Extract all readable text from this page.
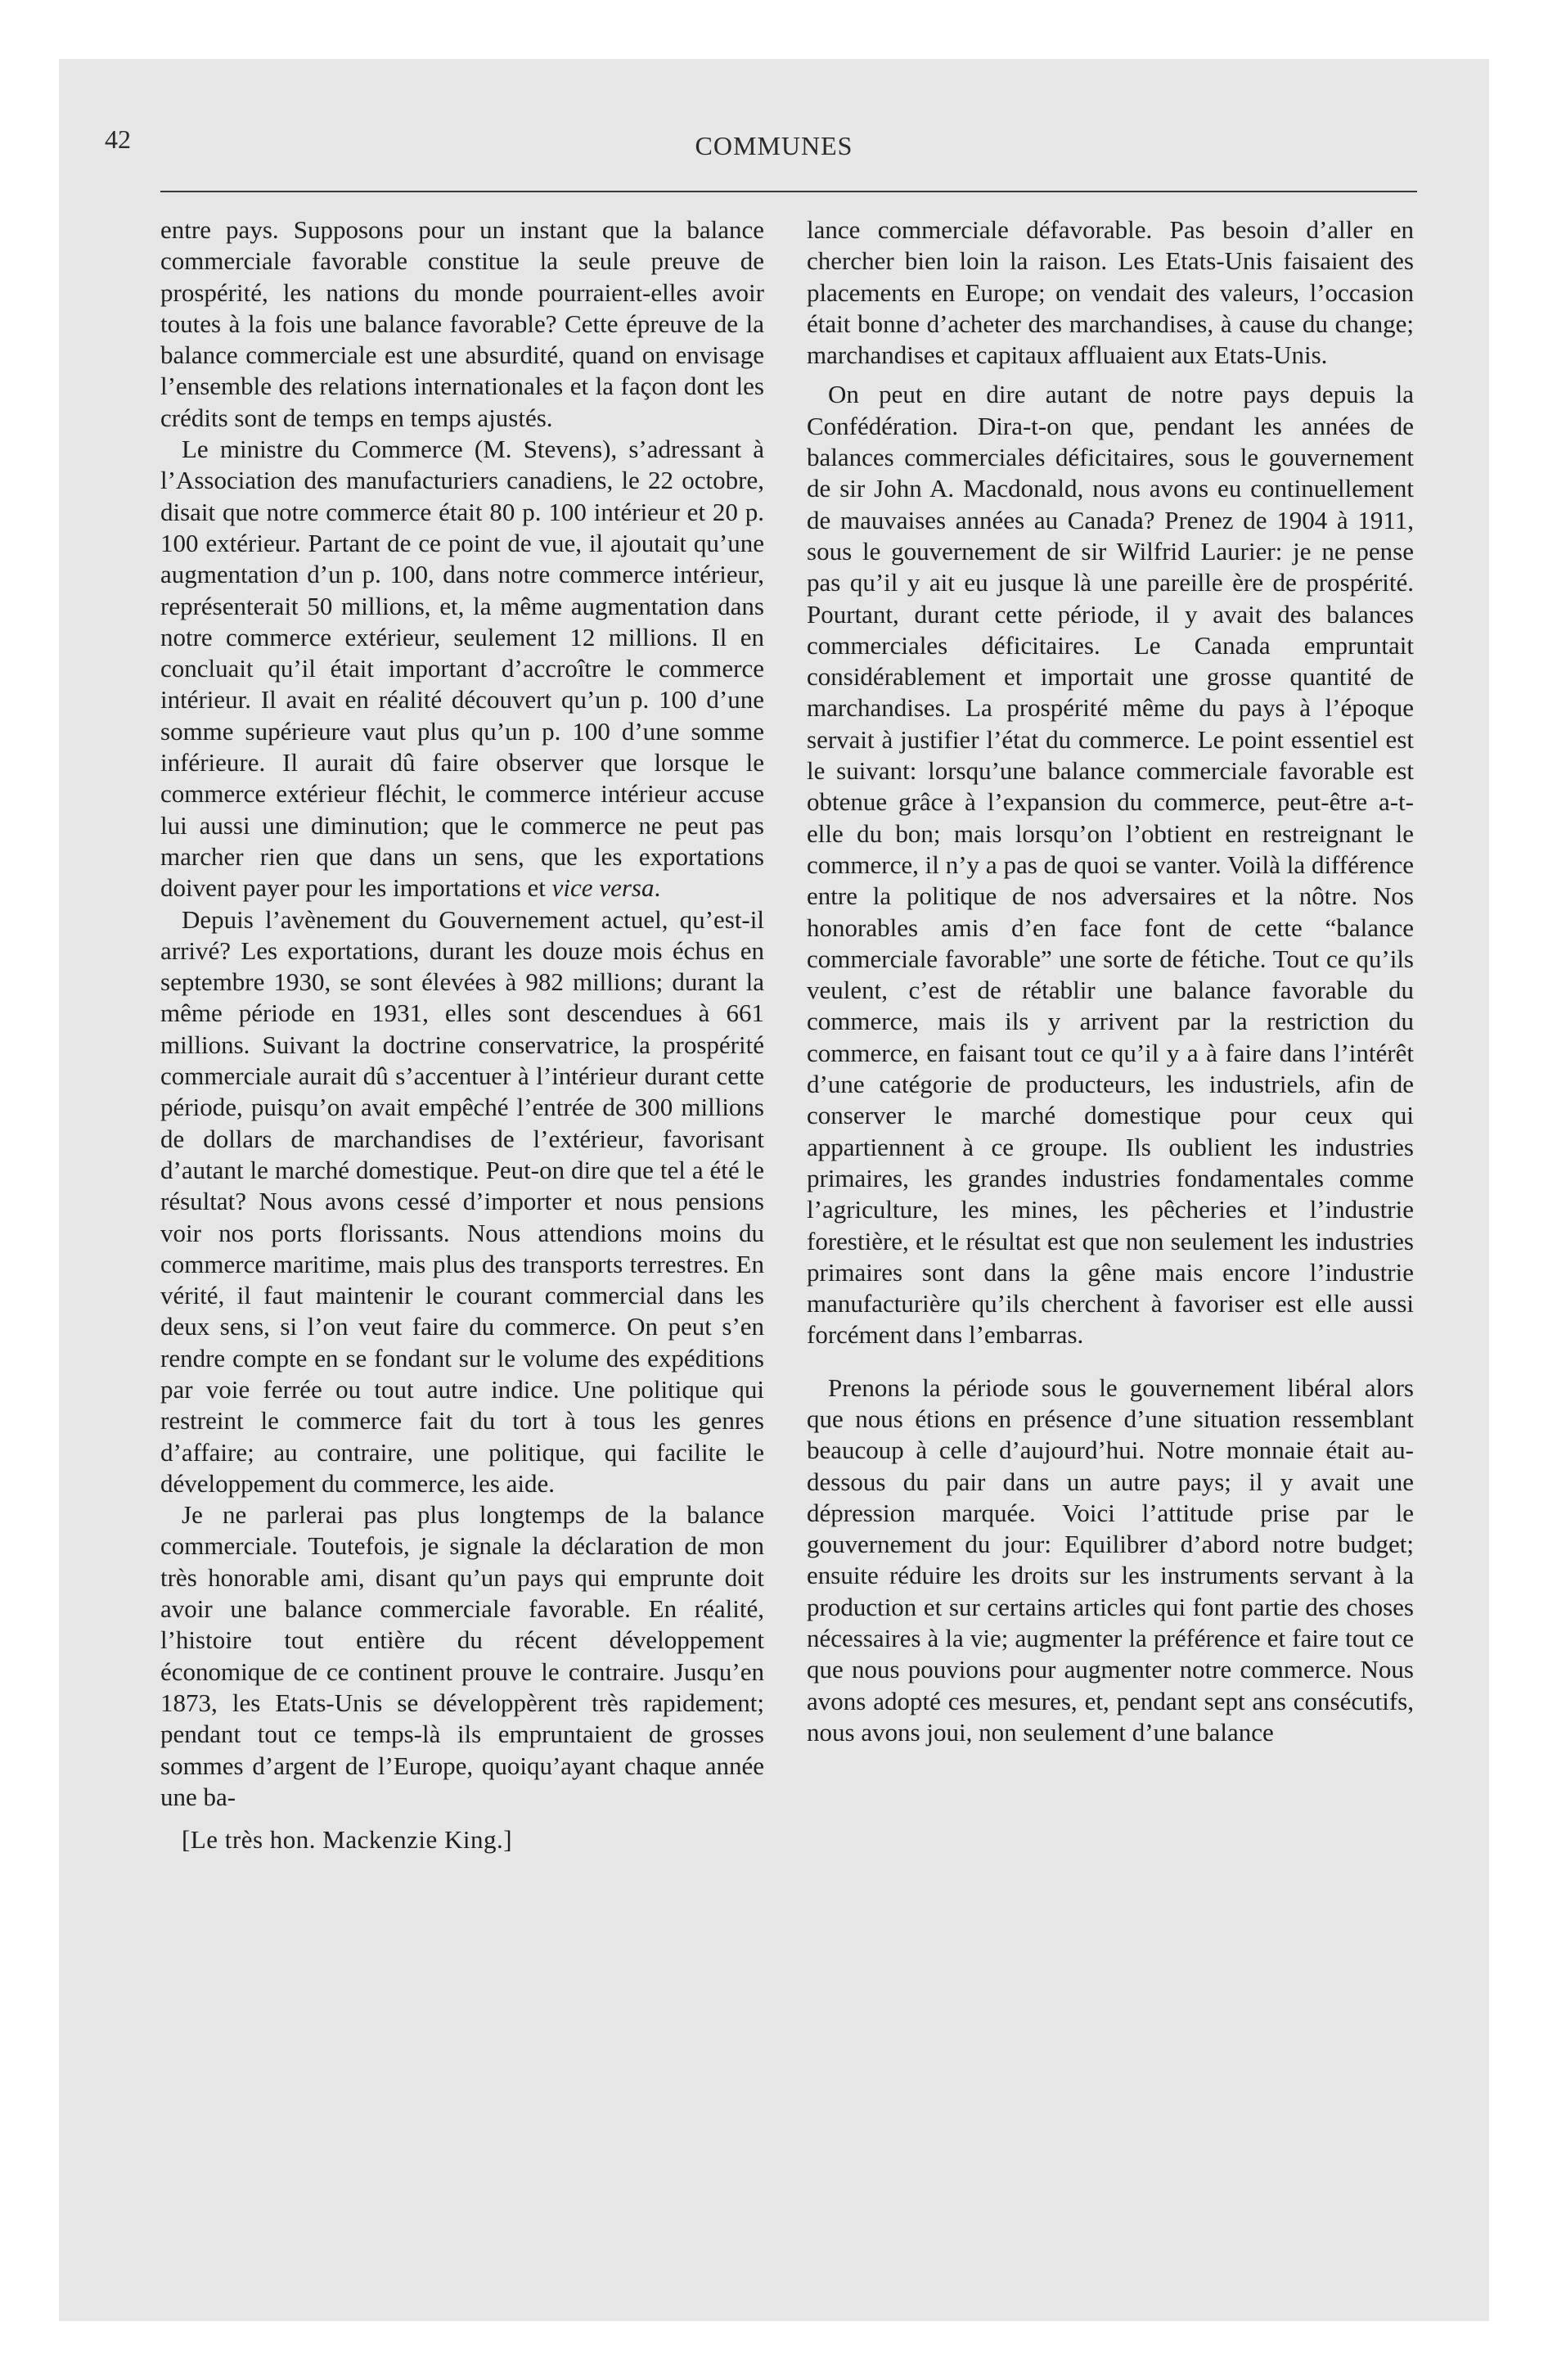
42	COMMUNES

entre pays. Supposons pour un instant que la balance commerciale favorable constitue la seule preuve de prospérité, les nations du monde pourraient-elles avoir toutes à la fois une balance favorable? Cette épreuve de la balance commerciale est une absurdité, quand on envisage l’ensemble des relations internationales et la façon dont les crédits sont de temps en temps ajustés.

Le ministre du Commerce (M. Stevens), s’adressant à l’Association des manufacturiers canadiens, le 22 octobre, disait que notre commerce était 80 p. 100 intérieur et 20 p. 100 extérieur. Partant de ce point de vue, il ajoutait qu’une augmentation d’un p. 100, dans notre commerce intérieur, représenterait 50 millions, et, la même augmentation dans notre commerce extérieur, seulement 12 millions. Il en concluait qu’il était important d’accroître le commerce intérieur. Il avait en réalité découvert qu’un p. 100 d’une somme supérieure vaut plus qu’un p. 100 d’une somme inférieure. Il aurait dû faire observer que lorsque le commerce extérieur fléchit, le commerce intérieur accuse lui aussi une diminution; que le commerce ne peut pas marcher rien que dans un sens, que les exportations doivent payer pour les importations et vice versa.

Depuis l’avènement du Gouvernement actuel, qu’est-il arrivé? Les exportations, durant les douze mois échus en septembre 1930, se sont élevées à 982 millions; durant la même période en 1931, elles sont descendues à 661 millions. Suivant la doctrine conservatrice, la prospérité commerciale aurait dû s’accentuer à l’intérieur durant cette période, puisqu’on avait empêché l’entrée de 300 millions de dollars de marchandises de l’extérieur, favorisant d’autant le marché domestique. Peut-on dire que tel a été le résultat? Nous avons cessé d’importer et nous pensions voir nos ports florissants. Nous attendions moins du commerce maritime, mais plus des transports terrestres. En vérité, il faut maintenir le courant commercial dans les deux sens, si l’on veut faire du commerce. On peut s’en rendre compte en se fondant sur le volume des expéditions par voie ferrée ou tout autre indice. Une politique qui restreint le commerce fait du tort à tous les genres d’affaire; au contraire, une politique, qui facilite le développement du commerce, les aide.

Je ne parlerai pas plus longtemps de la balance commerciale. Toutefois, je signale la déclaration de mon très honorable ami, disant qu’un pays qui emprunte doit avoir une balance commerciale favorable. En réalité, l’histoire tout entière du récent développement économique de ce continent prouve le contraire. Jusqu’en 1873, les Etats-Unis se développèrent très rapidement; pendant tout ce temps-là ils empruntaient de grosses sommes d’argent de l’Europe, quoiqu’ayant chaque année une ba-

[Le très hon. Mackenzie King.]

lance commerciale défavorable. Pas besoin d’aller en chercher bien loin la raison. Les Etats-Unis faisaient des placements en Europe; on vendait des valeurs, l’occasion était bonne d’acheter des marchandises, à cause du change; marchandises et capitaux affluaient aux Etats-Unis.

On peut en dire autant de notre pays depuis la Confédération. Dira-t-on que, pendant les années de balances commerciales déficitaires, sous le gouvernement de sir John A. Macdonald, nous avons eu continuellement de mauvaises années au Canada? Prenez de 1904 à 1911, sous le gouvernement de sir Wilfrid Laurier: je ne pense pas qu’il y ait eu jusque là une pareille ère de prospérité. Pourtant, durant cette période, il y avait des balances commerciales déficitaires. Le Canada empruntait considérablement et importait une grosse quantité de marchandises. La prospérité même du pays à l’époque servait à justifier l’état du commerce. Le point essentiel est le suivant: lorsqu’une balance commerciale favorable est obtenue grâce à l’expansion du commerce, peut-être a-t-elle du bon; mais lorsqu’on l’obtient en restreignant le commerce, il n’y a pas de quoi se vanter. Voilà la différence entre la politique de nos adversaires et la nôtre. Nos honorables amis d’en face font de cette “balance commerciale favorable” une sorte de fétiche. Tout ce qu’ils veulent, c’est de rétablir une balance favorable du commerce, mais ils y arrivent par la restriction du commerce, en faisant tout ce qu’il y a à faire dans l’intérêt d’une catégorie de producteurs, les industriels, afin de conserver le marché domestique pour ceux qui appartiennent à ce groupe. Ils oublient les industries primaires, les grandes industries fondamentales comme l’agriculture, les mines, les pêcheries et l’industrie forestière, et le résultat est que non seulement les industries primaires sont dans la gêne mais encore l’industrie manufacturière qu’ils cherchent à favoriser est elle aussi forcément dans l’embarras.

Prenons la période sous le gouvernement libéral alors que nous étions en présence d’une situation ressemblant beaucoup à celle d’aujourd’hui. Notre monnaie était au-dessous du pair dans un autre pays; il y avait une dépression marquée. Voici l’attitude prise par le gouvernement du jour: Equilibrer d’abord notre budget; ensuite réduire les droits sur les instruments servant à la production et sur certains articles qui font partie des choses nécessaires à la vie; augmenter la préférence et faire tout ce que nous pouvions pour augmenter notre commerce. Nous avons adopté ces mesures, et, pendant sept ans consécutifs, nous avons joui, non seulement d’une balance
